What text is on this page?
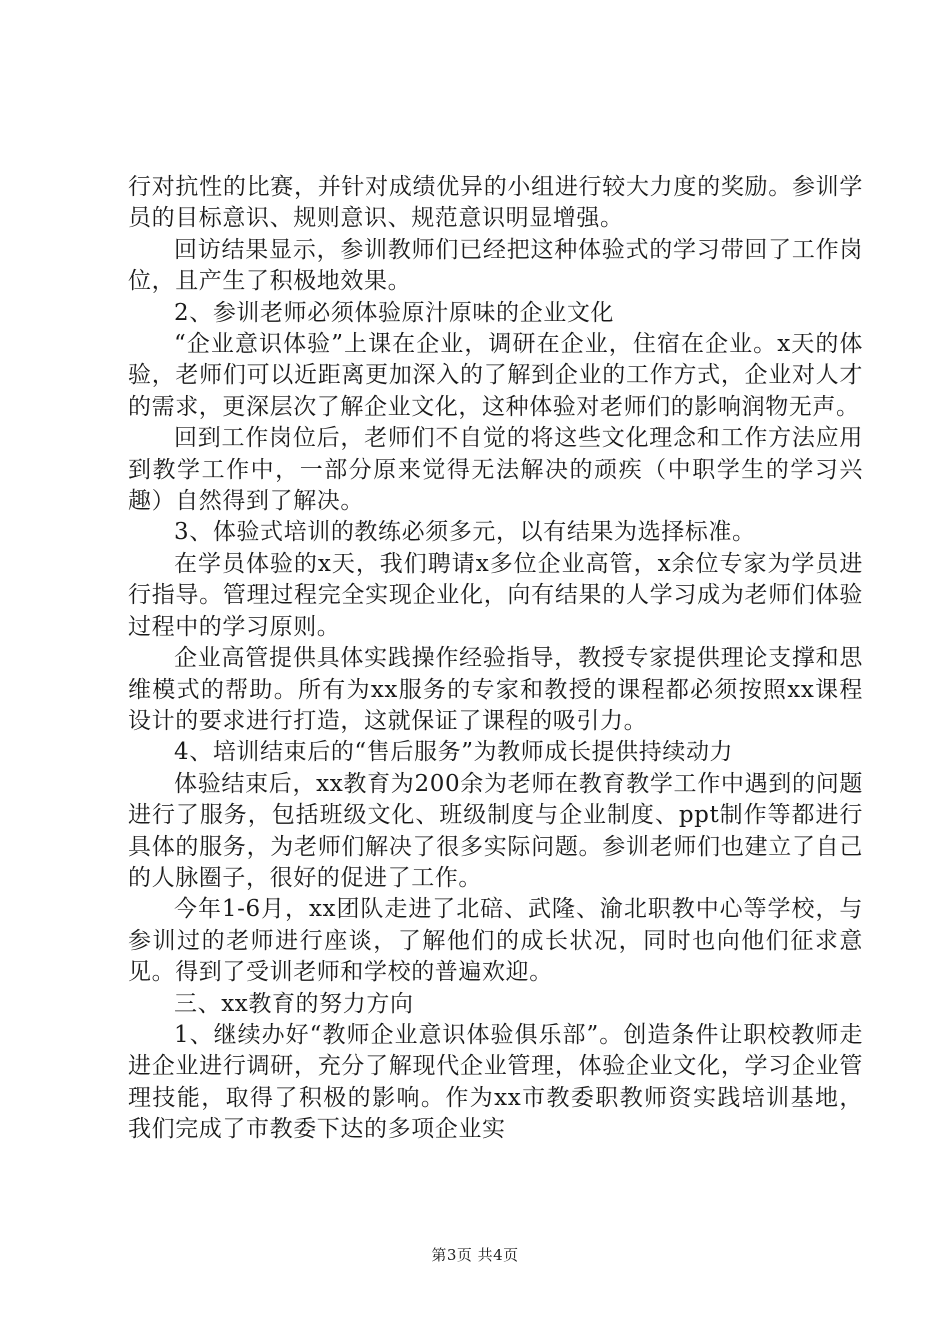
行对抗性的比赛，并针对成绩优异的小组进行较大力度的奖励。参训学员的目标意识、规则意识、规范意识明显增强。

回访结果显示，参训教师们已经把这种体验式的学习带回了工作岗位，且产生了积极地效果。

2、参训老师必须体验原汁原味的企业文化

“企业意识体验”上课在企业，调研在企业，住宿在企业。x天的体验，老师们可以近距离更加深入的了解到企业的工作方式，企业对人才的需求，更深层次了解企业文化，这种体验对老师们的影响润物无声。

回到工作岗位后，老师们不自觉的将这些文化理念和工作方法应用到教学工作中，一部分原来觉得无法解决的顽疾（中职学生的学习兴趣）自然得到了解决。

3、体验式培训的教练必须多元，以有结果为选择标准。

在学员体验的x天，我们聘请x多位企业高管，x余位专家为学员进行指导。管理过程完全实现企业化，向有结果的人学习成为老师们体验过程中的学习原则。

企业高管提供具体实践操作经验指导，教授专家提供理论支撑和思维模式的帮助。所有为xx服务的专家和教授的课程都必须按照xx课程设计的要求进行打造，这就保证了课程的吸引力。

4、培训结束后的“售后服务”为教师成长提供持续动力

体验结束后，xx教育为200余为老师在教育教学工作中遇到的问题进行了服务，包括班级文化、班级制度与企业制度、ppt制作等都进行具体的服务，为老师们解决了很多实际问题。参训老师们也建立了自己的人脉圈子，很好的促进了工作。

今年1-6月，xx团队走进了北碚、武隆、渝北职教中心等学校，与参训过的老师进行座谈，了解他们的成长状况，同时也向他们征求意见。得到了受训老师和学校的普遍欢迎。

三、xx教育的努力方向

1、继续办好“教师企业意识体验俱乐部”。创造条件让职校教师走进企业进行调研，充分了解现代企业管理，体验企业文化，学习企业管理技能，取得了积极的影响。作为xx市教委职教师资实践培训基地，我们完成了市教委下达的多项企业实

第3页 共4页
